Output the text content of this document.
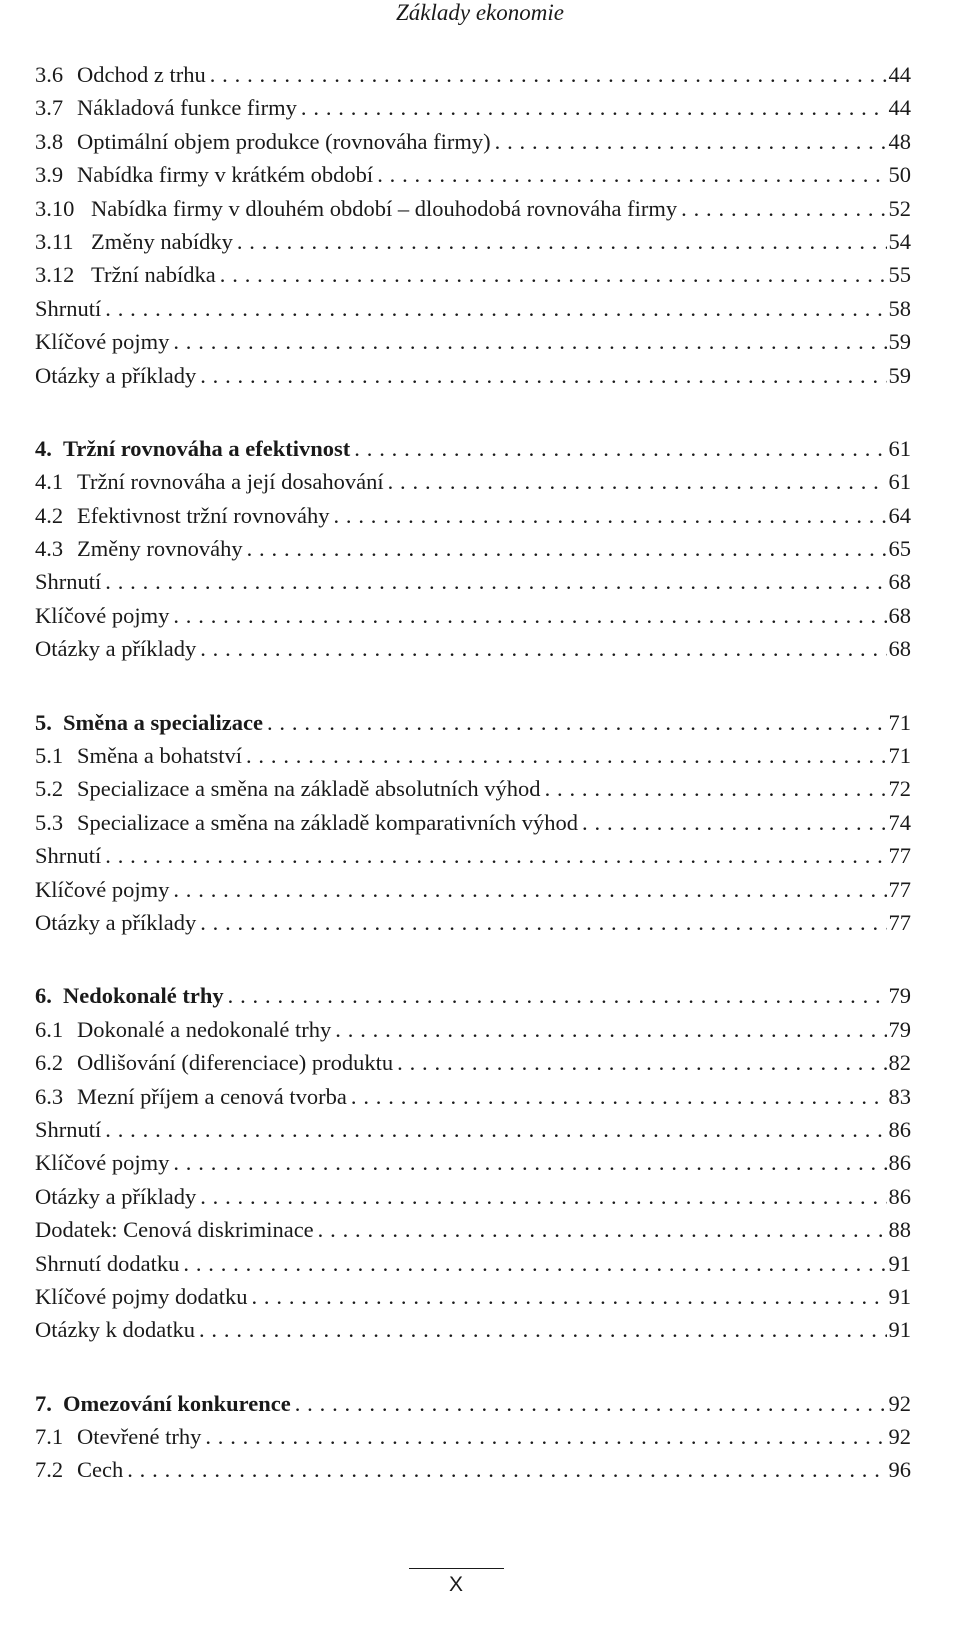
Základy ekonomie
3.6 Odchod z trhu . . .	44
3.7 Nákladová funkce firmy . . .	44
3.8 Optimální objem produkce (rovnováha firmy) . . .	48
3.9 Nabídka firmy v krátkém období . . .	50
3.10 Nabídka firmy v dlouhém období – dlouhodobá rovnováha firmy . . .	52
3.11 Změny nabídky . . .	54
3.12 Tržní nabídka . . .	55
Shrnutí . . .	58
Klíčové pojmy . . .	59
Otázky a příklady . . .	59
4. Tržní rovnováha a efektivnost . . .	61
4.1 Tržní rovnováha a její dosahování . . .	61
4.2 Efektivnost tržní rovnováhy . . .	64
4.3 Změny rovnováhy . . .	65
Shrnutí . . .	68
Klíčové pojmy . . .	68
Otázky a příklady . . .	68
5. Směna a specializace . . .	71
5.1 Směna a bohatství . . .	71
5.2 Specializace a směna na základě absolutních výhod . . .	72
5.3 Specializace a směna na základě komparativních výhod . . .	74
Shrnutí . . .	77
Klíčové pojmy . . .	77
Otázky a příklady . . .	77
6. Nedokonalé trhy . . .	79
6.1 Dokonalé a nedokonalé trhy . . .	79
6.2 Odlišování (diferenciace) produktu . . .	82
6.3 Mezní příjem a cenová tvorba . . .	83
Shrnutí . . .	86
Klíčové pojmy . . .	86
Otázky a příklady . . .	86
Dodatek: Cenová diskriminace . . .	88
Shrnutí dodatku . . .	91
Klíčové pojmy dodatku . . .	91
Otázky k dodatku . . .	91
7. Omezování konkurence . . .	92
7.1 Otevřené trhy . . .	92
7.2 Cech . . .	96
X
